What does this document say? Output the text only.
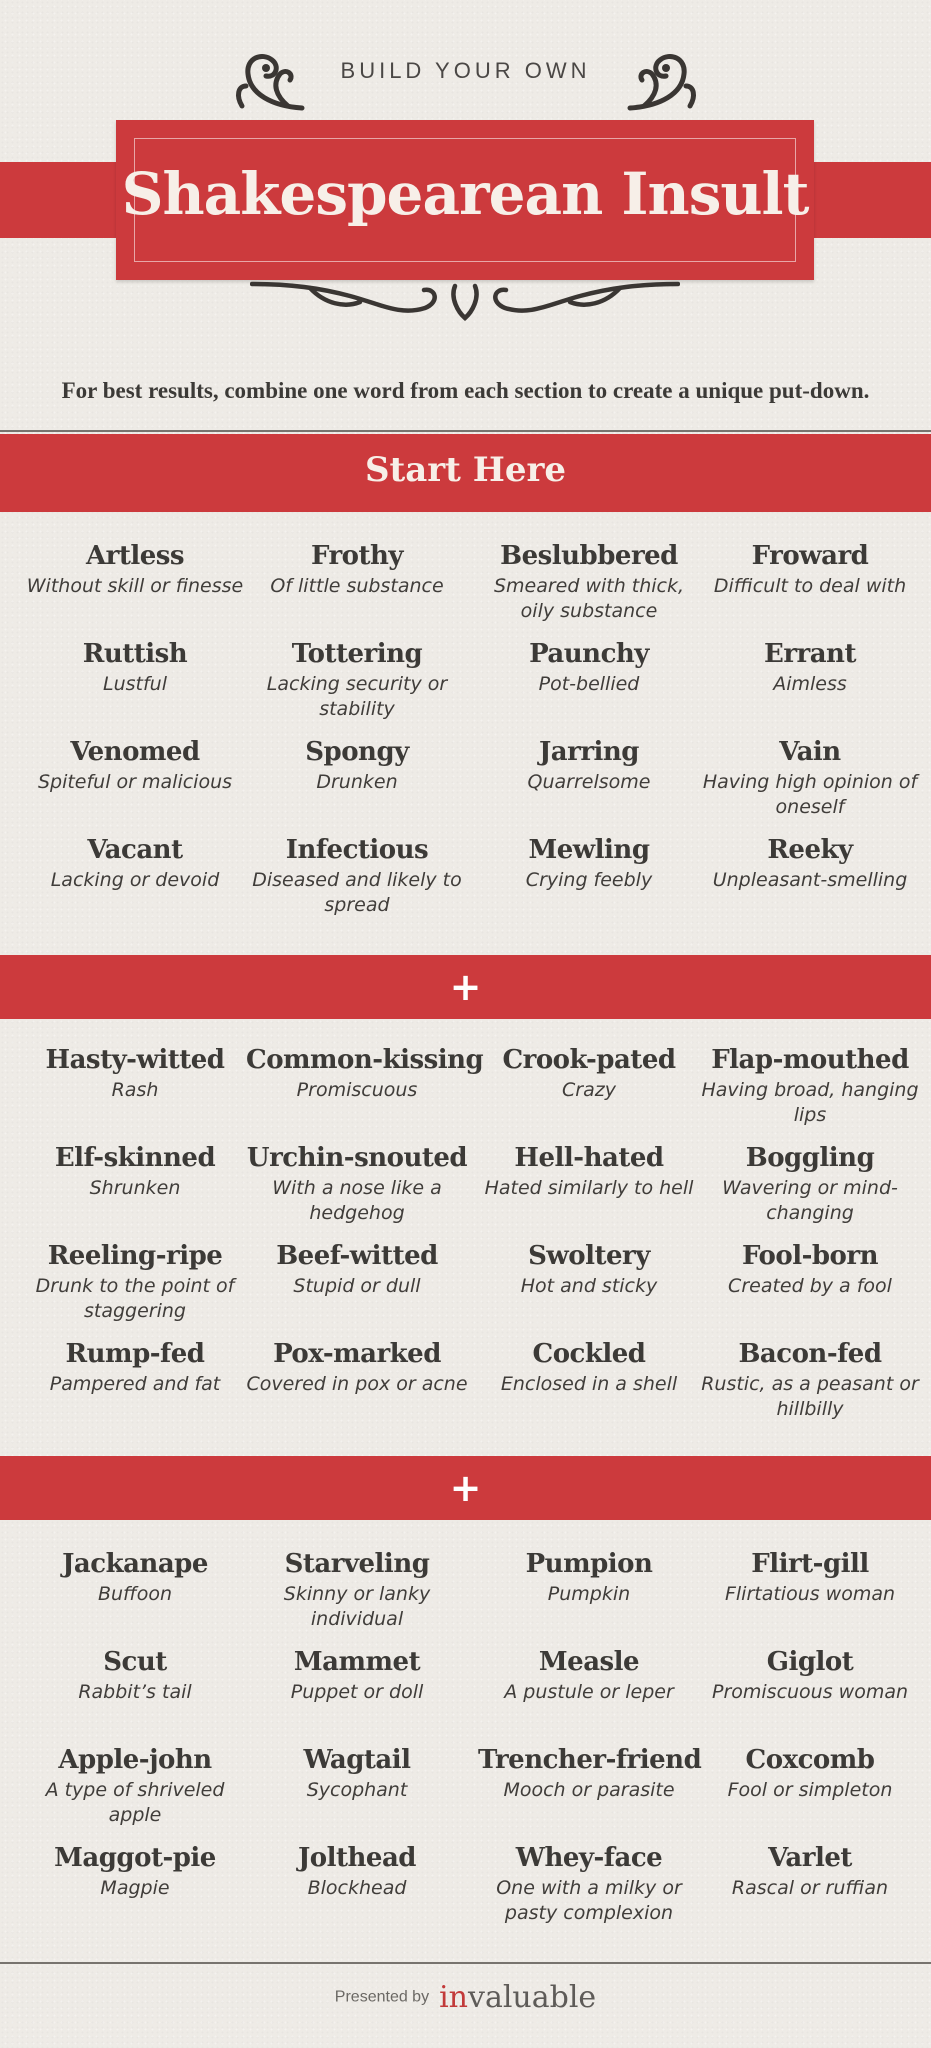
BUILD YOUR OWN
Shakespearean Insult
For best results, combine one word from each section to create a unique put-down.
Start Here
Artless
Without skill or finesse
Frothy
Of little substance
Beslubbered
Smeared with thick, oily substance
Froward
Difficult to deal with
Ruttish
Lustful
Tottering
Lacking security or stability
Paunchy
Pot-bellied
Errant
Aimless
Venomed
Spiteful or malicious
Spongy
Drunken
Jarring
Quarrelsome
Vain
Having high opinion of oneself
Vacant
Lacking or devoid
Infectious
Diseased and likely to spread
Mewling
Crying feebly
Reeky
Unpleasant-smelling
+
Hasty-witted
Rash
Common-kissing
Promiscuous
Crook-pated
Crazy
Flap-mouthed
Having broad, hanging lips
Elf-skinned
Shrunken
Urchin-snouted
With a nose like a hedgehog
Hell-hated
Hated similarly to hell
Boggling
Wavering or mind-changing
Reeling-ripe
Drunk to the point of staggering
Beef-witted
Stupid or dull
Swoltery
Hot and sticky
Fool-born
Created by a fool
Rump-fed
Pampered and fat
Pox-marked
Covered in pox or acne
Cockled
Enclosed in a shell
Bacon-fed
Rustic, as a peasant or hillbilly
+
Jackanape
Buffoon
Starveling
Skinny or lanky individual
Pumpion
Pumpkin
Flirt-gill
Flirtatious woman
Scut
Rabbit’s tail
Mammet
Puppet or doll
Measle
A pustule or leper
Giglot
Promiscuous woman
Apple-john
A type of shriveled apple
Wagtail
Sycophant
Trencher-friend
Mooch or parasite
Coxcomb
Fool or simpleton
Maggot-pie
Magpie
Jolthead
Blockhead
Whey-face
One with a milky or pasty complexion
Varlet
Rascal or ruffian
Presented by invaluable
